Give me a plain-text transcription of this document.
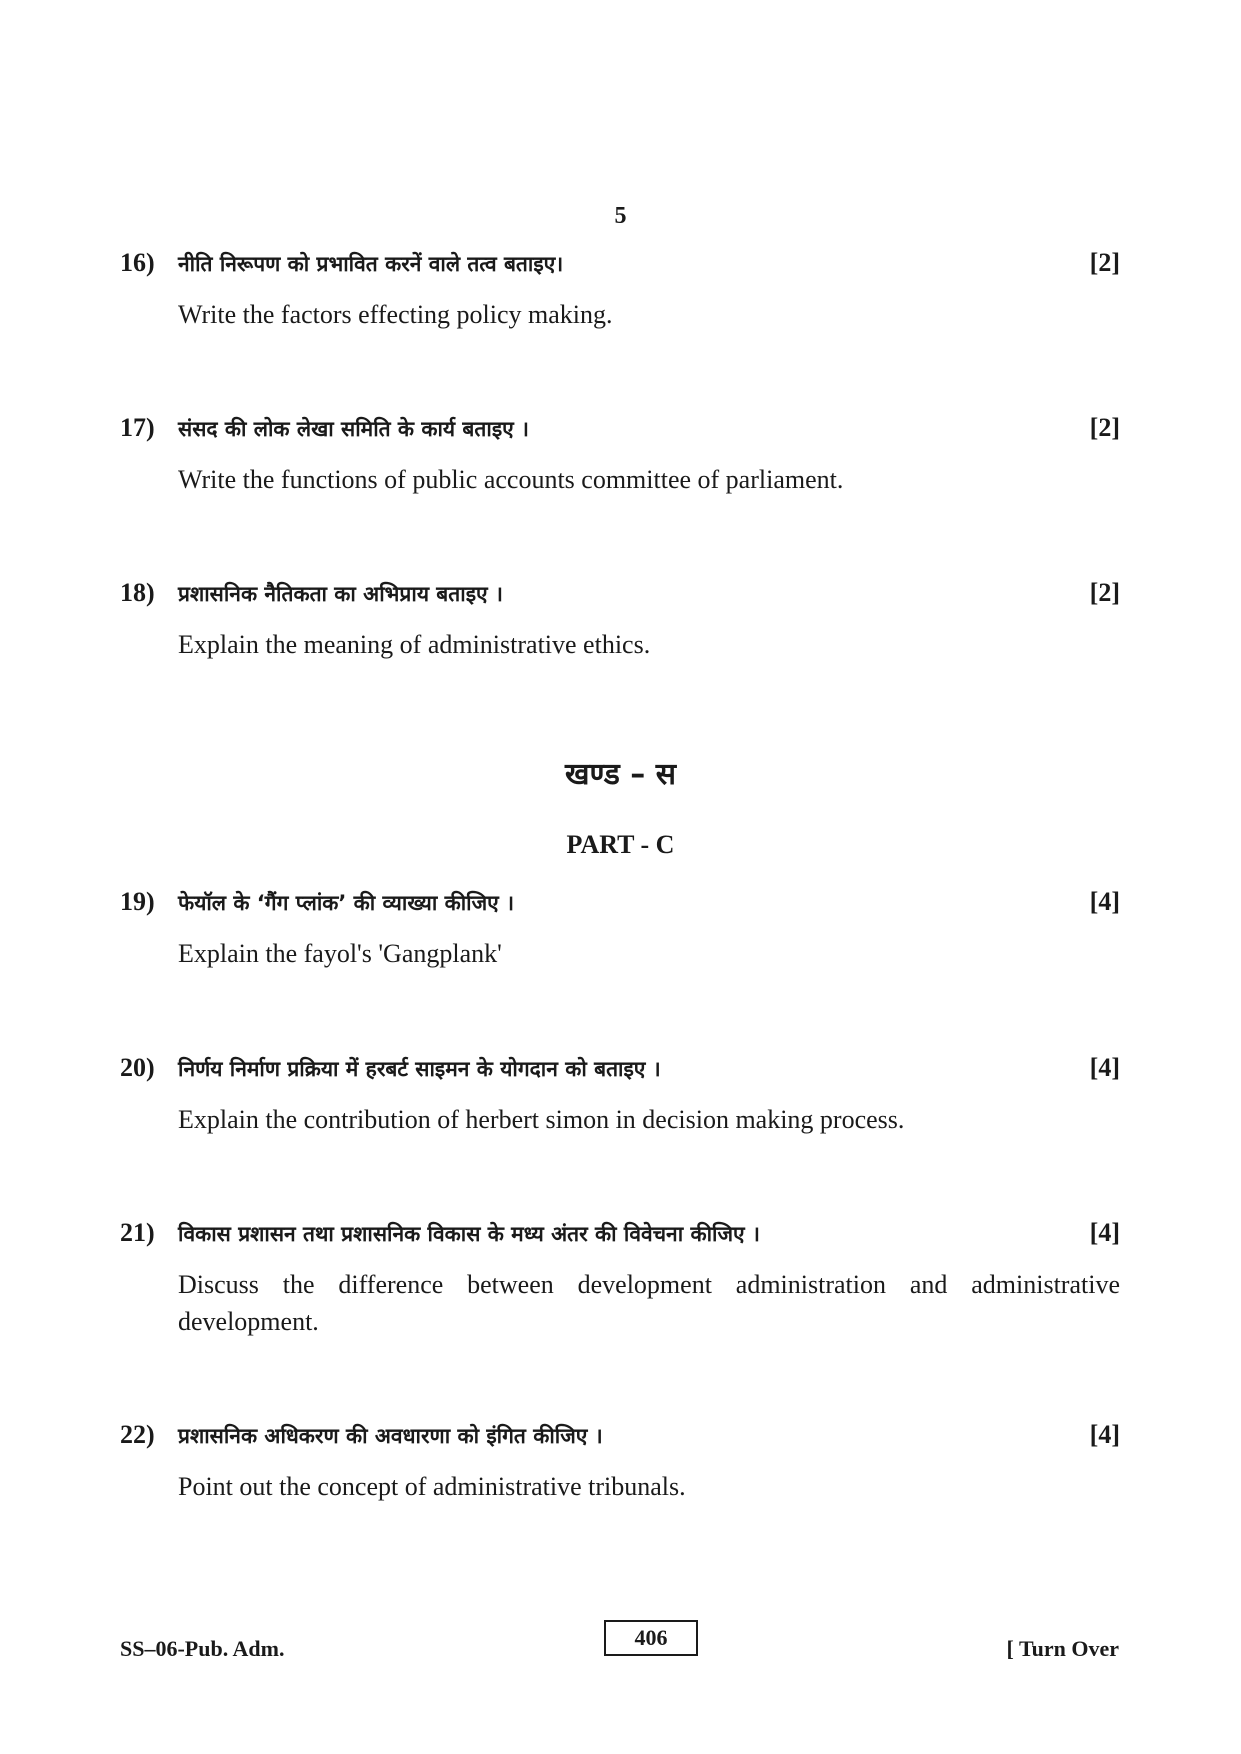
5
16) नीति निरूपण को प्रभावित करनें वाले तत्व बताइए।	[2]
Write the factors effecting policy making.
17) संसद की लोक लेखा समिति के कार्य बताइए ।	[2]
Write the functions of public accounts committee of parliament.
18) प्रशासनिक नैतिकता का अभिप्राय बताइए ।	[2]
Explain the meaning of administrative ethics.
खण्ड – स
PART - C
19) फेयॉल के ‘गैंग प्लांक’ की व्याख्या कीजिए ।	[4]
Explain the fayol's 'Gangplank'
20) निर्णय निर्माण प्रक्रिया में हरबर्ट साइमन के योगदान को बताइए ।	[4]
Explain the contribution of herbert simon in decision making process.
21) विकास प्रशासन तथा प्रशासनिक विकास के मध्य अंतर की विवेचना कीजिए ।	[4]
Discuss the difference between development administration and administrative development.
22) प्रशासनिक अधिकरण की अवधारणा को इंगित कीजिए ।	[4]
Point out the concept of administrative tribunals.
SS–06-Pub. Adm.	406	[ Turn Over
